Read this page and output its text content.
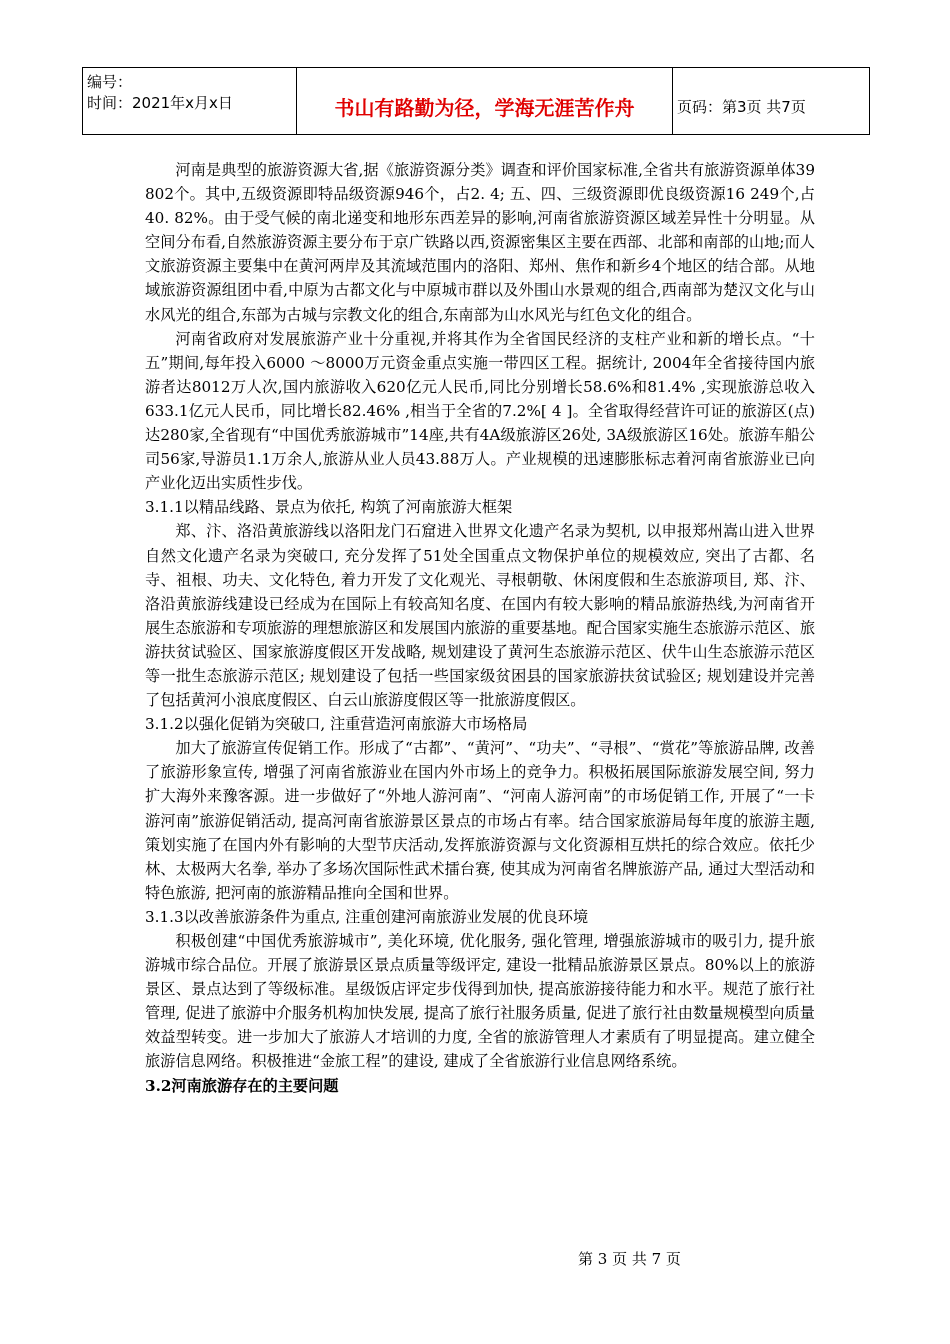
编号：
时间：2021年x月x日	书山有路勤为径，学海无涯苦作舟	页码：第3页 共7页

河南是典型的旅游资源大省,据《旅游资源分类》调查和评价国家标准,全省共有旅游资源单体39 802个。其中,五级资源即特品级资源946个，占2. 4; 五、四、三级资源即优良级资源16 249个,占40. 82%。由于受气候的南北递变和地形东西差异的影响,河南省旅游资源区域差异性十分明显。从空间分布看,自然旅游资源主要分布于京广铁路以西,资源密集区主要在西部、北部和南部的山地;而人文旅游资源主要集中在黄河两岸及其流域范围内的洛阳、郑州、焦作和新乡4个地区的结合部。从地域旅游资源组团中看,中原为古都文化与中原城市群以及外围山水景观的组合,西南部为楚汉文化与山水风光的组合,东部为古城与宗教文化的组合,东南部为山水风光与红色文化的组合。

河南省政府对发展旅游产业十分重视,并将其作为全省国民经济的支柱产业和新的增长点。“十五”期间,每年投入6000 ～8000万元资金重点实施一带四区工程。据统计, 2004年全省接待国内旅游者达8012万人次,国内旅游收入620亿元人民币,同比分别增长58.6%和81.4% ,实现旅游总收入633.1亿元人民币，同比增长82.46% ,相当于全省的7.2%[ 4 ]。全省取得经营许可证的旅游区(点)达280家,全省现有“中国优秀旅游城市”14座,共有4A级旅游区26处, 3A级旅游区16处。旅游车船公司56家,导游员1.1万余人,旅游从业人员43.88万人。产业规模的迅速膨胀标志着河南省旅游业已向产业化迈出实质性步伐。

3.1.1以精品线路、景点为依托, 构筑了河南旅游大框架

郑、汴、洛沿黄旅游线以洛阳龙门石窟进入世界文化遗产名录为契机, 以申报郑州嵩山进入世界自然文化遗产名录为突破口, 充分发挥了51处全国重点文物保护单位的规模效应, 突出了古都、名寺、祖根、功夫、文化特色, 着力开发了文化观光、寻根朝敬、休闲度假和生态旅游项目, 郑、汴、洛沿黄旅游线建设已经成为在国际上有较高知名度、在国内有较大影响的精品旅游热线,为河南省开展生态旅游和专项旅游的理想旅游区和发展国内旅游的重要基地。配合国家实施生态旅游示范区、旅游扶贫试验区、国家旅游度假区开发战略, 规划建设了黄河生态旅游示范区、伏牛山生态旅游示范区等一批生态旅游示范区; 规划建设了包括一些国家级贫困县的国家旅游扶贫试验区; 规划建设并完善了包括黄河小浪底度假区、白云山旅游度假区等一批旅游度假区。

3.1.2以强化促销为突破口, 注重营造河南旅游大市场格局

加大了旅游宣传促销工作。形成了“古都”、“黄河”、“功夫”、“寻根”、“赏花”等旅游品牌, 改善了旅游形象宣传, 增强了河南省旅游业在国内外市场上的竞争力。积极拓展国际旅游发展空间, 努力扩大海外来豫客源。进一步做好了“外地人游河南”、“河南人游河南”的市场促销工作, 开展了“一卡游河南”旅游促销活动, 提高河南省旅游景区景点的市场占有率。结合国家旅游局每年度的旅游主题, 策划实施了在国内外有影响的大型节庆活动,发挥旅游资源与文化资源相互烘托的综合效应。依托少林、太极两大名拳, 举办了多场次国际性武术擂台赛, 使其成为河南省名牌旅游产品, 通过大型活动和特色旅游, 把河南的旅游精品推向全国和世界。

3.1.3以改善旅游条件为重点, 注重创建河南旅游业发展的优良环境

积极创建“中国优秀旅游城市”, 美化环境, 优化服务, 强化管理, 增强旅游城市的吸引力, 提升旅游城市综合品位。开展了旅游景区景点质量等级评定, 建设一批精品旅游景区景点。80%以上的旅游景区、景点达到了等级标准。星级饭店评定步伐得到加快, 提高旅游接待能力和水平。规范了旅行社管理, 促进了旅游中介服务机构加快发展, 提高了旅行社服务质量, 促进了旅行社由数量规模型向质量效益型转变。进一步加大了旅游人才培训的力度, 全省的旅游管理人才素质有了明显提高。建立健全旅游信息网络。积极推进“金旅工程”的建设, 建成了全省旅游行业信息网络系统。

3.2河南旅游存在的主要问题

第 3 页 共 7 页
